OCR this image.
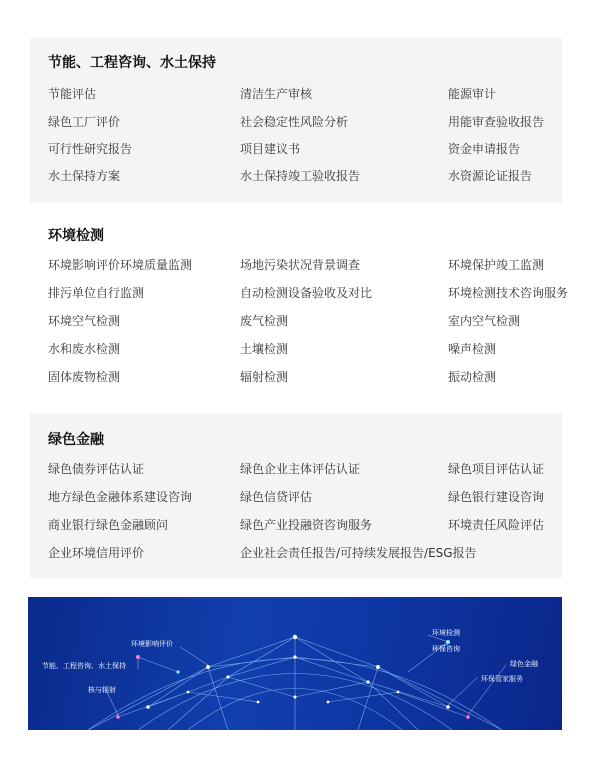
节能、工程咨询、水土保持
节能评估	清洁生产审核	能源审计
绿色工厂评价	社会稳定性风险分析	用能审查验收报告
可行性研究报告	项目建议书	资金申请报告
水土保持方案	水土保持竣工验收报告	水资源论证报告
环境检测
环境影响评价环境质量监测	场地污染状况背景调查	环境保护竣工监测
排污单位自行监测	自动检测设备验收及对比	环境检测技术咨询服务
环境空气检测	废气检测	室内空气检测
水和废水检测	土壤检测	噪声检测
固体废物检测	辐射检测	振动检测
绿色金融
绿色债券评估认证	绿色企业主体评估认证	绿色项目评估认证
地方绿色金融体系建设咨询	绿色信贷评估	绿色银行建设咨询
商业银行绿色金融顾问	绿色产业投融资咨询服务	环境责任风险评估
企业环境信用评价	企业社会责任报告/可持续发展报告/ESG报告
环境影响评价
节能、工程咨询、水土保持
核与辐射
环境检测
环保咨询
绿色金融
环保管家服务
